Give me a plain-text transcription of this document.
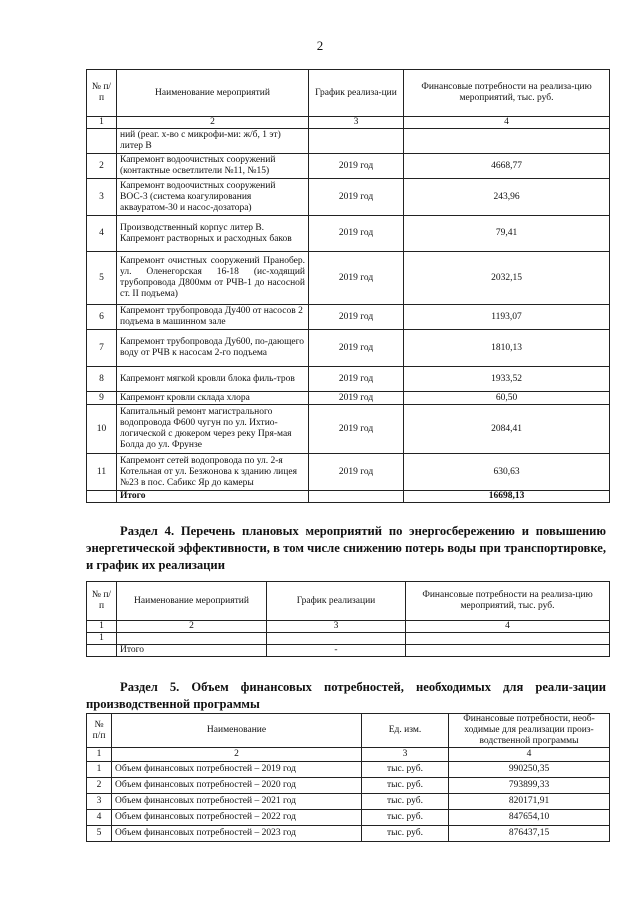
2
№ п/п	Наименование мероприятий	График реализа-ции	Финансовые потребности на реализа-цию мероприятий, тыс. руб.
1	2	3	4
	ний (реаг. х-во с микрофи-ми: ж/б, 1 эт) литер В		
2	Капремонт водоочистных сооружений (контактные осветлители №11, №15)	2019 год	4668,77
3	Капремонт водоочистных сооружений ВОС-3 (система коагулирования аквауратом-30 и насос-дозатора)	2019 год	243,96
4	Производственный корпус литер В. Капремонт растворных и расходных баков	2019 год	79,41
5	Капремонт очистных сооружений Пранобер. ул. Оленегорская 16-18 (ис-ходящий трубопровода Д800мм от РЧВ-1 до насосной ст. II подъема)	2019 год	2032,15
6	Капремонт трубопровода Ду400 от насосов 2 подъема в машинном зале	2019 год	1193,07
7	Капремонт трубопровода Ду600, по-дающего воду от РЧВ к насосам 2-го подъема	2019 год	1810,13
8	Капремонт мягкой кровли блока филь-тров	2019 год	1933,52
9	Капремонт кровли склада хлора	2019 год	60,50
10	Капитальный ремонт магистрального водопровода Ф600 чугун по ул. Ихтио-логической с дюкером через реку Пря-мая Болда до ул. Фрунзе	2019 год	2084,41
11	Капремонт сетей водопровода по ул. 2-я Котельная от ул. Безжонова к зданию лицея №23 в пос. Сабикс Яр до камеры	2019 год	630,63
	Итого		16698,13
Раздел 4. Перечень плановых мероприятий по энергосбережению и повышению энергетической эффективности, в том числе снижению потерь воды при транспортировке, и график их реализации
№ п/п	Наименование мероприятий	График реализации	Финансовые потребности на реализа-цию мероприятий, тыс. руб.
1	2	3	4
1			
	Итого	-	
Раздел 5. Объем финансовых потребностей, необходимых для реали-зации производственной программы
№ п/п	Наименование	Ед. изм.	Финансовые потребности, необ-ходимые для реализации произ-водственной программы
1	2	3	4
1	Объем финансовых потребностей – 2019 год	тыс. руб.	990250,35
2	Объем финансовых потребностей – 2020 год	тыс. руб.	793899,33
3	Объем финансовых потребностей – 2021 год	тыс. руб.	820171,91
4	Объем финансовых потребностей – 2022 год	тыс. руб.	847654,10
5	Объем финансовых потребностей – 2023 год	тыс. руб.	876437,15
